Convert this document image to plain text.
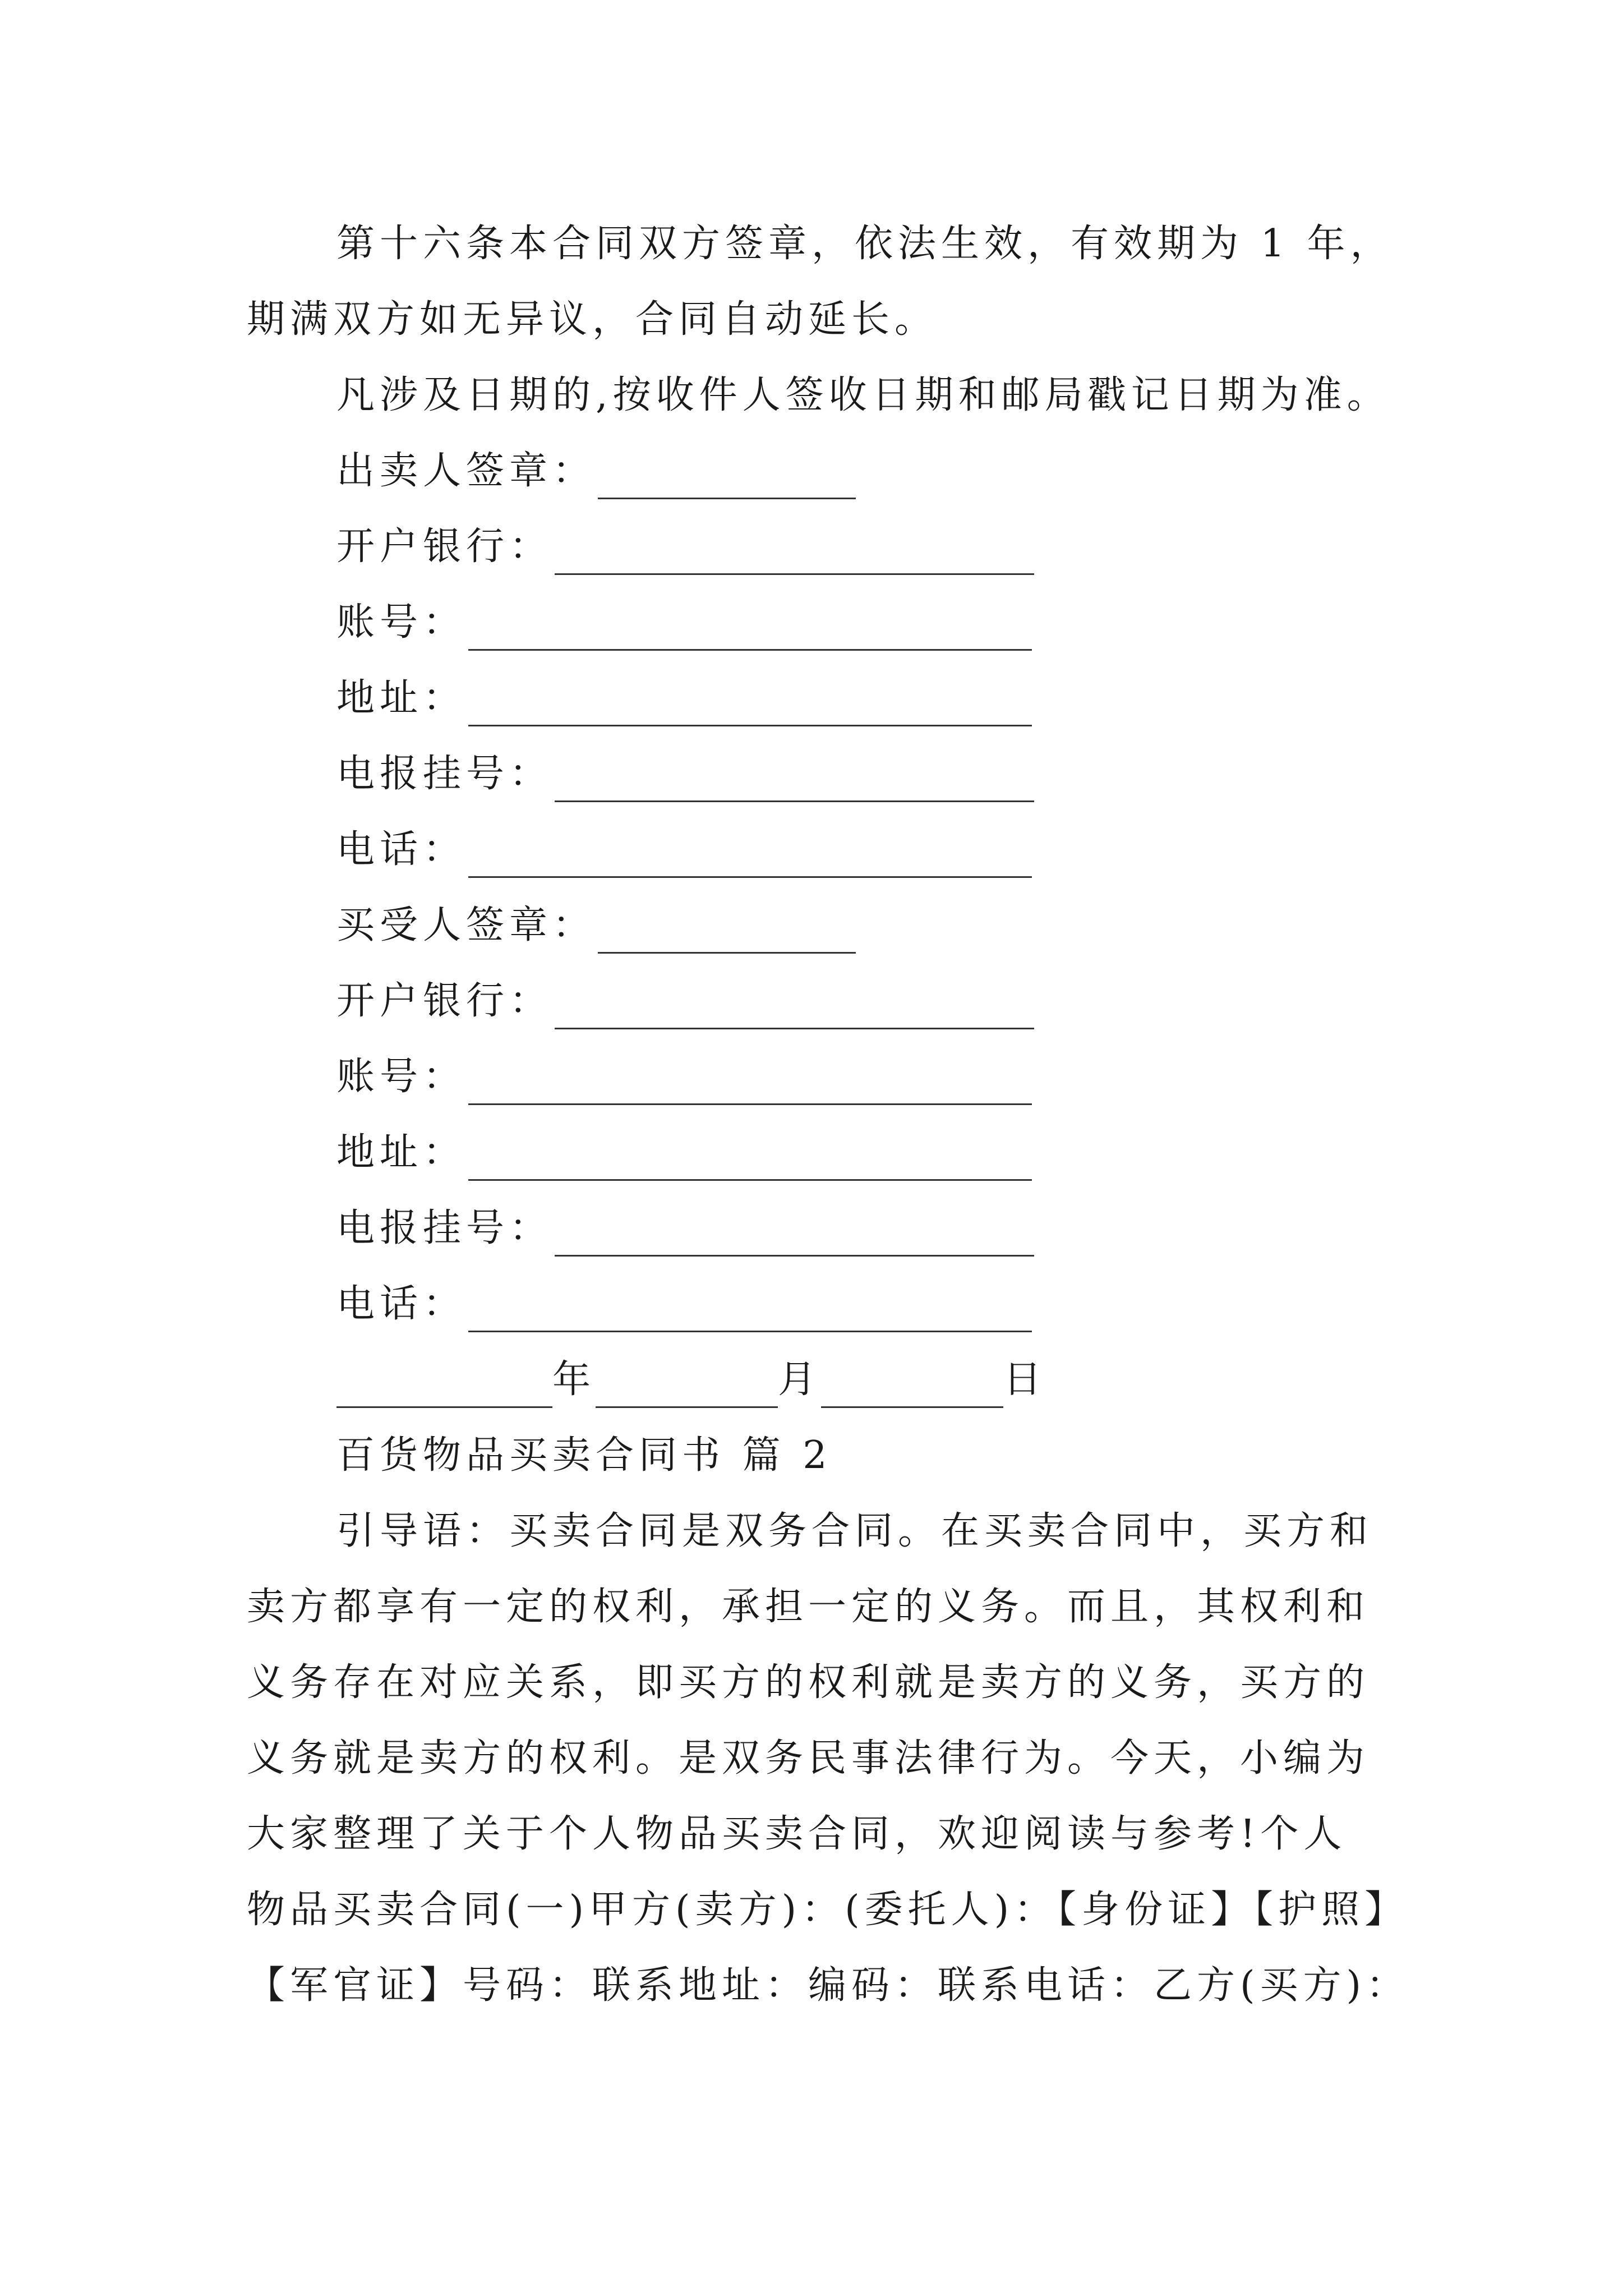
第十六条本合同双方签章，依法生效，有效期为 1 年，
期满双方如无异议，合同自动延长。
凡涉及日期的,按收件人签收日期和邮局戳记日期为准。
出卖人签章：
开户银行：
账号：
地址：
电报挂号：
电话：
买受人签章：
开户银行：
账号：
地址：
电报挂号：
电话：
年	月	日
百货物品买卖合同书 篇 2
引导语：买卖合同是双务合同。在买卖合同中，买方和
卖方都享有一定的权利，承担一定的义务。而且，其权利和
义务存在对应关系，即买方的权利就是卖方的义务，买方的
义务就是卖方的权利。是双务民事法律行为。今天，小编为
大家整理了关于个人物品买卖合同，欢迎阅读与参考!个人
物品买卖合同(一)甲方(卖方)：(委托人)：【身份证】【护照】
【军官证】号码：联系地址：编码：联系电话：乙方(买方)：
